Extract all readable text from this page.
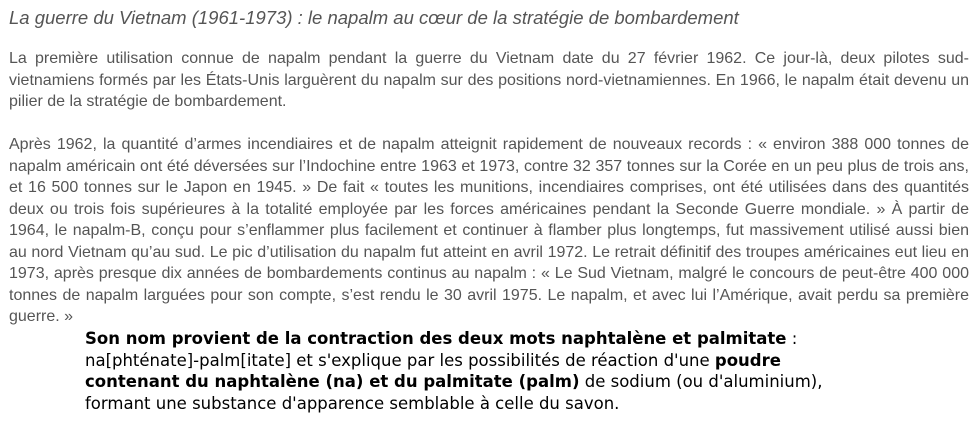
La guerre du Vietnam (1961-1973) : le napalm au cœur de la stratégie de bombardement
La première utilisation connue de napalm pendant la guerre du Vietnam date du 27 février 1962. Ce jour-là, deux pilotes sud-vietnamiens formés par les États-Unis larguèrent du napalm sur des positions nord-vietnamiennes. En 1966, le napalm était devenu un pilier de la stratégie de bombardement.
Après 1962, la quantité d’armes incendiaires et de napalm atteignit rapidement de nouveaux records : « environ 388 000 tonnes de napalm américain ont été déversées sur l’Indochine entre 1963 et 1973, contre 32 357 tonnes sur la Corée en un peu plus de trois ans, et 16 500 tonnes sur le Japon en 1945. » De fait « toutes les munitions, incendiaires comprises, ont été utilisées dans des quantités deux ou trois fois supérieures à la totalité employée par les forces américaines pendant la Seconde Guerre mondiale. » À partir de 1964, le napalm-B, conçu pour s’enflammer plus facilement et continuer à flamber plus longtemps, fut massivement utilisé aussi bien au nord Vietnam qu’au sud. Le pic d’utilisation du napalm fut atteint en avril 1972. Le retrait définitif des troupes américaines eut lieu en 1973, après presque dix années de bombardements continus au napalm : « Le Sud Vietnam, malgré le concours de peut-être 400 000 tonnes de napalm larguées pour son compte, s’est rendu le 30 avril 1975. Le napalm, et avec lui l’Amérique, avait perdu sa première guerre. »
Son nom provient de la contraction des deux mots naphtalène et palmitate : na[phténate]-palm[itate] et s'explique par les possibilités de réaction d'une poudre contenant du naphtalène (na) et du palmitate (palm) de sodium (ou d'aluminium), formant une substance d'apparence semblable à celle du savon.
